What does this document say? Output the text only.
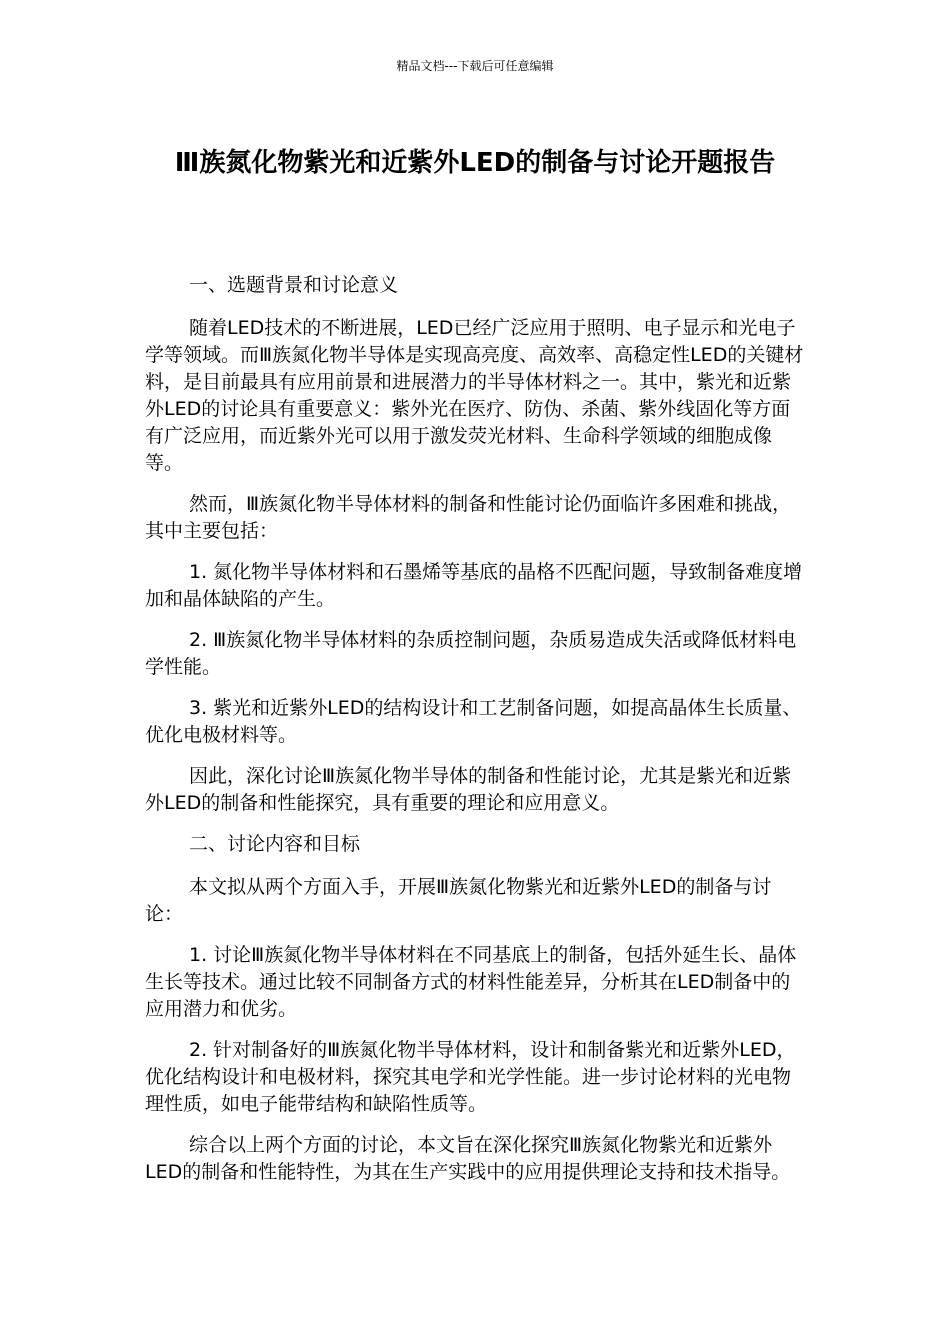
精品文档---下载后可任意编辑
Ⅲ族氮化物紫光和近紫外LED的制备与讨论开题报告

一、选题背景和讨论意义

随着LED技术的不断进展，LED已经广泛应用于照明、电子显示和光电子学等领域。而Ⅲ族氮化物半导体是实现高亮度、高效率、高稳定性LED的关键材料，是目前最具有应用前景和进展潜力的半导体材料之一。其中，紫光和近紫外LED的讨论具有重要意义：紫外光在医疗、防伪、杀菌、紫外线固化等方面有广泛应用，而近紫外光可以用于激发荧光材料、生命科学领域的细胞成像等。

然而，Ⅲ族氮化物半导体材料的制备和性能讨论仍面临许多困难和挑战，其中主要包括：

1. 氮化物半导体材料和石墨烯等基底的晶格不匹配问题，导致制备难度增加和晶体缺陷的产生。

2. Ⅲ族氮化物半导体材料的杂质控制问题，杂质易造成失活或降低材料电学性能。

3. 紫光和近紫外LED的结构设计和工艺制备问题，如提高晶体生长质量、优化电极材料等。

因此，深化讨论Ⅲ族氮化物半导体的制备和性能讨论，尤其是紫光和近紫外LED的制备和性能探究，具有重要的理论和应用意义。

二、讨论内容和目标

本文拟从两个方面入手，开展Ⅲ族氮化物紫光和近紫外LED的制备与讨论：

1. 讨论Ⅲ族氮化物半导体材料在不同基底上的制备，包括外延生长、晶体生长等技术。通过比较不同制备方式的材料性能差异，分析其在LED制备中的应用潜力和优劣。

2. 针对制备好的Ⅲ族氮化物半导体材料，设计和制备紫光和近紫外LED，优化结构设计和电极材料，探究其电学和光学性能。进一步讨论材料的光电物理性质，如电子能带结构和缺陷性质等。

综合以上两个方面的讨论，本文旨在深化探究Ⅲ族氮化物紫光和近紫外LED的制备和性能特性，为其在生产实践中的应用提供理论支持和技术指导。
